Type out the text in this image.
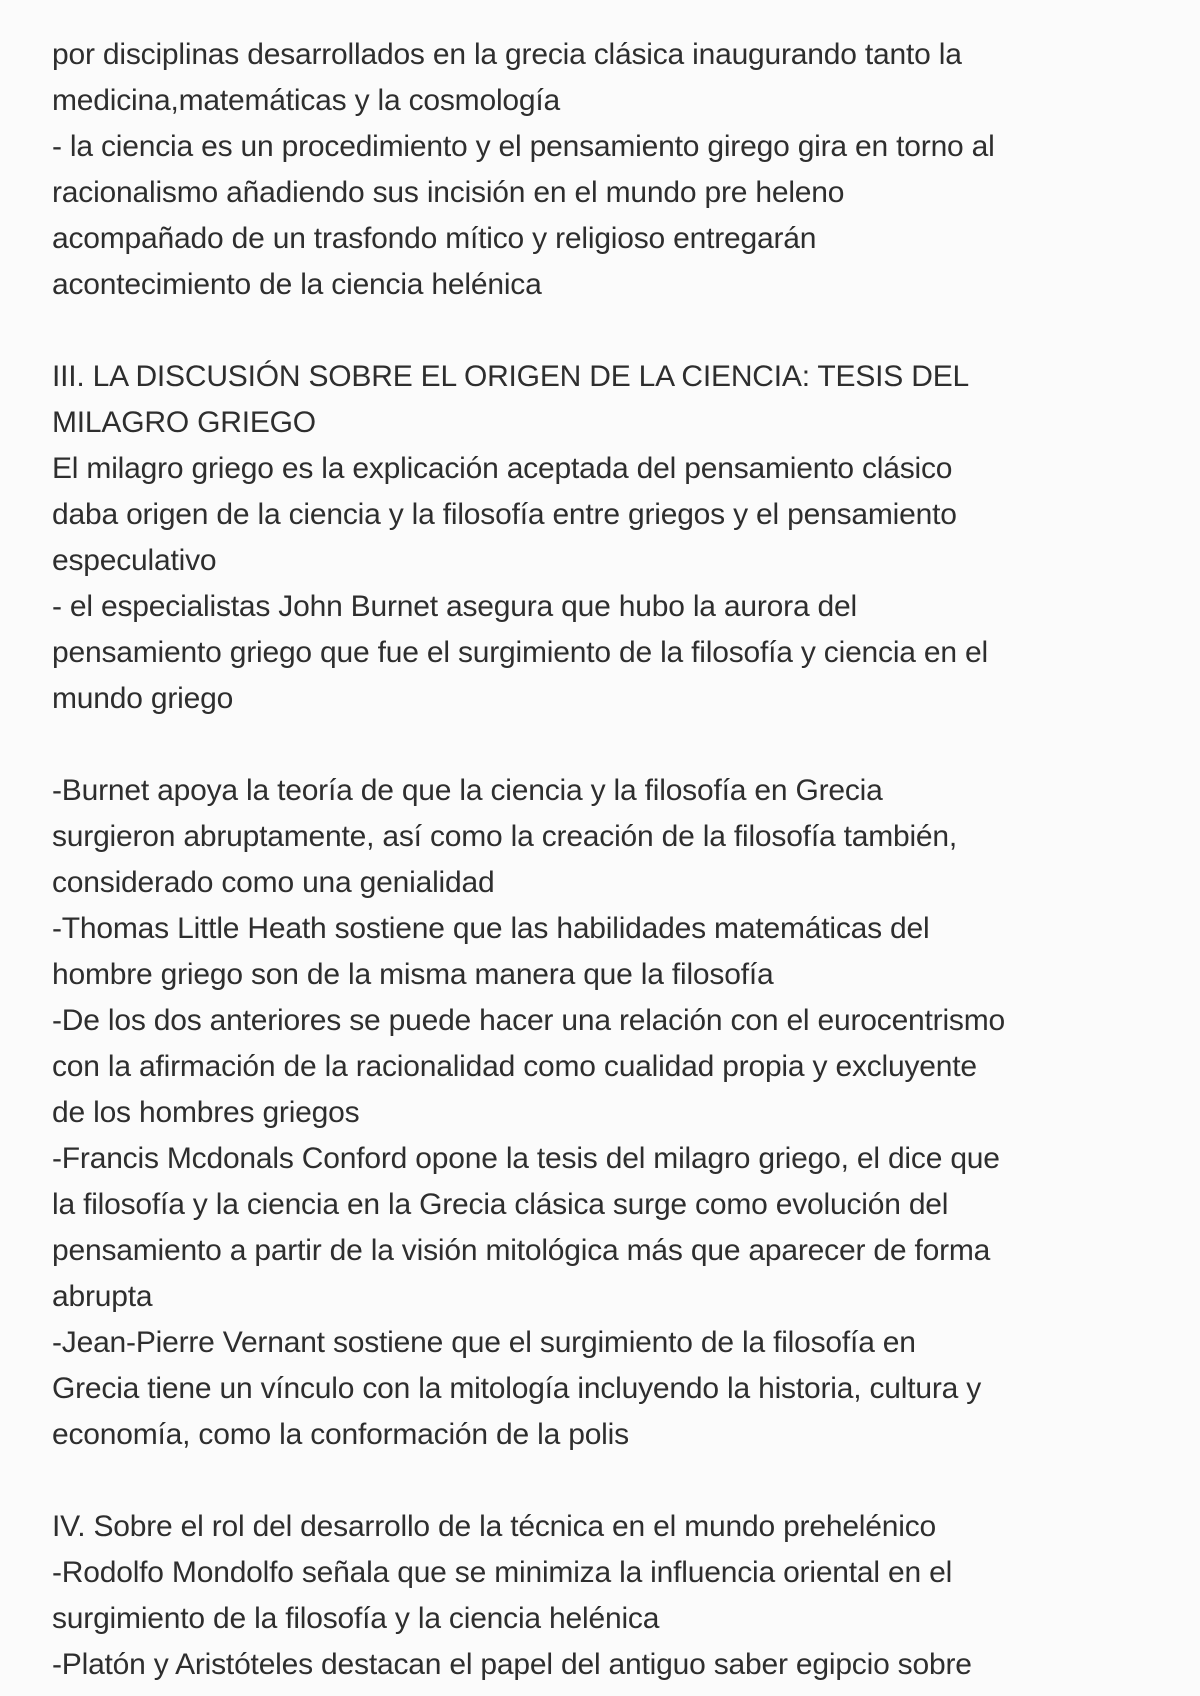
por disciplinas desarrollados en la grecia clásica inaugurando tanto la
medicina,matemáticas y la cosmología
- la ciencia es un procedimiento y el pensamiento girego gira en torno al
racionalismo añadiendo sus incisión en el mundo pre heleno
acompañado de un trasfondo mítico y religioso entregarán
acontecimiento de la ciencia helénica
III. LA DISCUSIÓN SOBRE EL ORIGEN DE LA CIENCIA: TESIS DEL
MILAGRO GRIEGO
El milagro griego es la explicación aceptada del pensamiento clásico
daba origen de la ciencia y la filosofía entre griegos y el pensamiento
especulativo
- el especialistas John Burnet asegura que hubo la aurora del
pensamiento griego que fue el surgimiento de la filosofía y ciencia en el
mundo griego
-Burnet apoya la teoría de que la ciencia y la filosofía en Grecia
surgieron abruptamente, así como la creación de la filosofía también,
considerado como una genialidad
-Thomas Little Heath sostiene que las habilidades matemáticas del
hombre griego son de la misma manera que la filosofía
-De los dos anteriores se puede hacer una relación con el eurocentrismo
con la afirmación de la racionalidad como cualidad propia y excluyente
de los hombres griegos
-Francis Mcdonals Conford opone la tesis del milagro griego, el dice que
la filosofía y la ciencia en la Grecia clásica surge como evolución del
pensamiento a partir de la visión mitológica más que aparecer de forma
abrupta
-Jean-Pierre Vernant sostiene que el surgimiento de la filosofía en
Grecia tiene un vínculo con la mitología incluyendo la historia, cultura y
economía, como la conformación de la polis
IV. Sobre el rol del desarrollo de la técnica en el mundo prehelénico
-Rodolfo Mondolfo señala que se minimiza la influencia oriental en el
surgimiento de la filosofía y la ciencia helénica
-Platón y Aristóteles destacan el papel del antiguo saber egipcio sobre
